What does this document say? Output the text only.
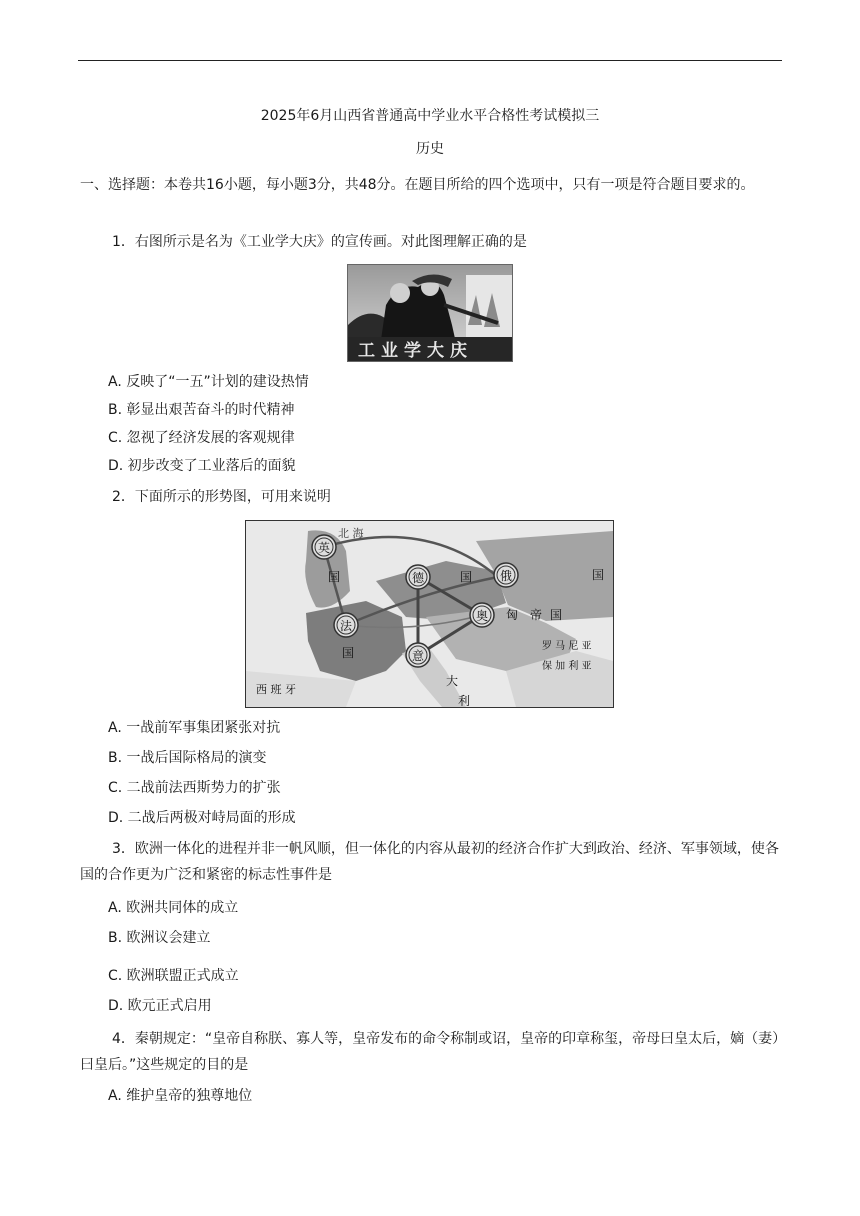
2025年6月山西省普通高中学业水平合格性考试模拟三
历史
一、选择题：本卷共16小题，每小题3分，共48分。在题目所给的四个选项中，只有一项是符合题目要求的。
1．右图所示是名为《工业学大庆》的宣传画。对此图理解正确的是
工业学大庆
A. 反映了“一五”计划的建设热情
B. 彰显出艰苦奋斗的时代精神
C. 忽视了经济发展的客观规律
D. 初步改变了工业落后的面貌
2．下面所示的形势图，可用来说明
北 海
英
德	俄
法
奥
意
国	国	国
匈 帝 国
国
西 班 牙
罗 马 尼 亚
保 加 利 亚
大
利
A. 一战前军事集团紧张对抗
B. 一战后国际格局的演变
C. 二战前法西斯势力的扩张
D. 二战后两极对峙局面的形成
3．欧洲一体化的进程并非一帆风顺，但一体化的内容从最初的经济合作扩大到政治、经济、军事领域，使各国的合作更为广泛和紧密的标志性事件是
A. 欧洲共同体的成立
B. 欧洲议会建立
C. 欧洲联盟正式成立
D. 欧元正式启用
4．秦朝规定：“皇帝自称朕、寡人等，皇帝发布的命令称制或诏，皇帝的印章称玺，帝母曰皇太后，嫡（妻）曰皇后。”这些规定的目的是
A. 维护皇帝的独尊地位
